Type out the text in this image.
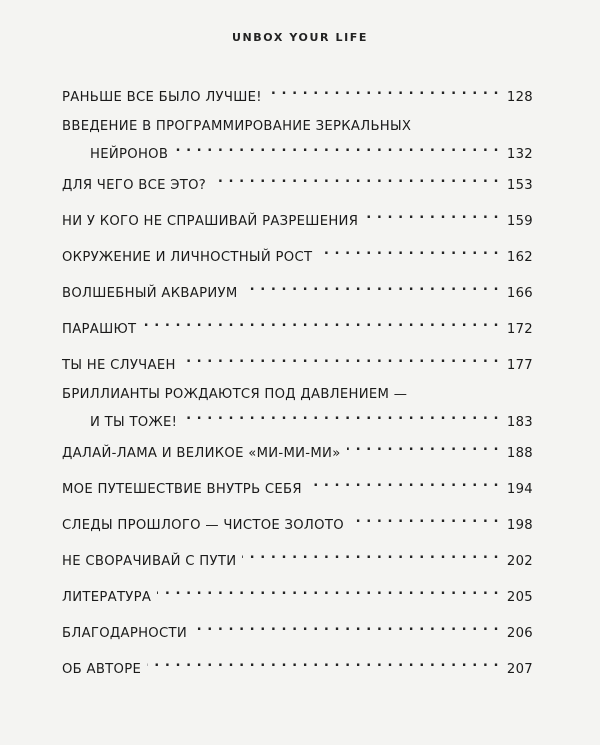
UNBOX YOUR LIFE
РАНЬШЕ ВСЕ БЫЛО ЛУЧШЕ! . .	128
ВВЕДЕНИЕ В ПРОГРАММИРОВАНИЕ ЗЕРКАЛЬНЫХ
НЕЙРОНОВ . .	132
ДЛЯ ЧЕГО ВСЕ ЭТО? . .	153
НИ У КОГО НЕ СПРАШИВАЙ РАЗРЕШЕНИЯ . .	159
ОКРУЖЕНИЕ И ЛИЧНОСТНЫЙ РОСТ . .	162
ВОЛШЕБНЫЙ АКВАРИУМ . .	166
ПАРАШЮТ . .	172
ТЫ НЕ СЛУЧАЕН . .	177
БРИЛЛИАНТЫ РОЖДАЮТСЯ ПОД ДАВЛЕНИЕМ —
И ТЫ ТОЖЕ! . .	183
ДАЛАЙ-ЛАМА И ВЕЛИКОЕ «МИ-МИ-МИ» . .	188
МОЕ ПУТЕШЕСТВИЕ ВНУТРЬ СЕБЯ . .	194
СЛЕДЫ ПРОШЛОГО — ЧИСТОЕ ЗОЛОТО . .	198
НЕ СВОРАЧИВАЙ С ПУТИ . .	202
ЛИТЕРАТУРА . .	205
БЛАГОДАРНОСТИ . .	206
ОБ АВТОРЕ . .	207
